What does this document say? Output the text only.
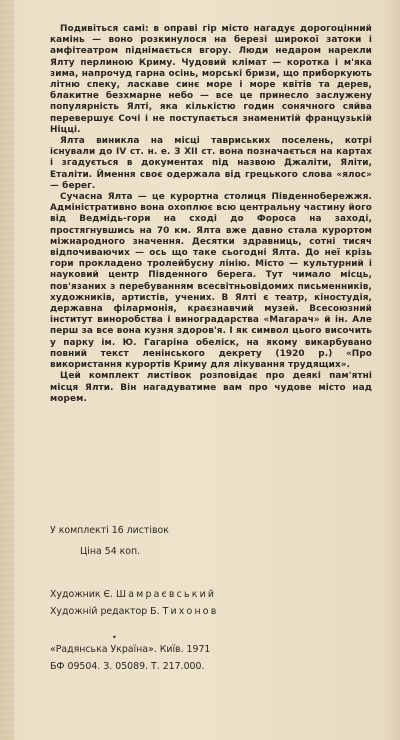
Подивіться самі: в оправі гір місто нагадує дорогоцінний камінь — воно розкинулося на березі широкої затоки і амфітеатром піднімається вгору. Люди недаром нарекли Ялту перлиною Криму. Чудовий клімат — коротка і м'яка зима, напрочуд гарна осінь, морські бризи, що приборкують літню спеку, ласкаве синє море і море квітів та дерев, блакитне безхмарне небо — все це принесло заслужену популярність Ялті, яка кількістю годин сонячного сяйва перевершує Сочі і не поступається знаменитій французькій Ніцці.

Ялта виникла на місці тавриських поселень, котрі існували до IV ст. н. е. З XII ст. вона позначається на картах і згадується в документах під назвою Джаліти, Яліти, Еталіти. Ймення своє одержала від грецького слова «ялос» — берег.

Сучасна Ялта — це курортна столиця Південнобережжя. Адміністративно вона охоплює всю центральну частину його від Ведмідь-гори на сході до Фороса на заході, простягнувшись на 70 км. Ялта вже давно стала курортом міжнародного значення. Десятки здравниць, сотні тисяч відпочиваючих — ось що таке сьогодні Ялта. До неї крізь гори прокладено тролейбусну лінію. Місто — культурний і науковий центр Південного берега. Тут чимало місць, пов'язаних з перебуванням всесвітньовідомих письменників, художників, артистів, учених. В Ялті є театр, кіностудія, державна філармонія, краєзнавчий музей. Всесоюзний інститут виноробства і виноградарства «Магарач» й ін. Але перш за все вона кузня здоров'я. І як символ цього височить у парку ім. Ю. Гагаріна обеліск, на якому викарбувано повний текст ленінського декрету (1920 р.) «Про використання курортів Криму для лікування трудящих».

Цей комплект листівок розповідає про деякі пам'ятні місця Ялти. Він нагадуватиме вам про чудове місто над морем.

У комплекті 16 листівок
Ціна 54 коп.
Художник Є. Шамраєвський
Художній редактор Б. Тихонов
•
«Радянська Україна». Київ. 1971
БФ 09504. З. 05089. Т. 217.000.
